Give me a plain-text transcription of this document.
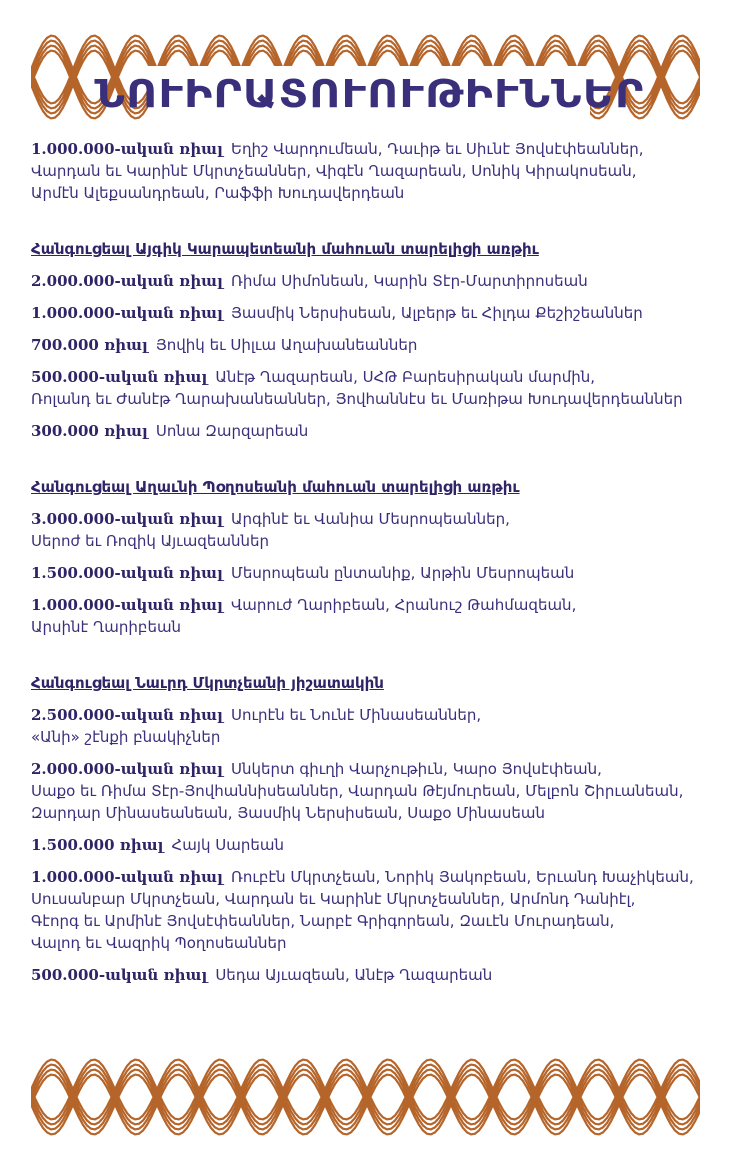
ՆՈՒԻՐԱՏՈՒՈՒԹԻՒՆՆԵՐ
1.000.000-ական ռիալ Եղիշ Վարդումեան, Դաւիթ եւ Սիւնէ Յովսէփեաններ,
Վարդան եւ Կարինէ Մկրտչեաններ, Վիգէն Ղազարեան, Սոնիկ Կիրակոսեան,
Արմէն Ալեքսանդրեան, Րաֆֆի Խուդավերդեան
Հանգուցեալ Այգիկ Կարապետեանի մահուան տարելիցի առթիւ
2.000.000-ական ռիալ Ռիմա Սիմոնեան, Կարին Տէր-Մարտիրոսեան
1.000.000-ական ռիալ Յասմիկ Ներսիսեան, Ալբերթ եւ Հիլդա Քեշիշեաններ
700.000 ռիալ Յովիկ եւ Սիլւա Աղախանեաններ
500.000-ական ռիալ Անէթ Ղազարեան, ՍՀԹ Բարեսիրական մարմին,
Ռոլանդ եւ Ժանէթ Ղարախանեաններ, Յովհաննէս եւ Մառիթա Խուդավերդեաններ
300.000 ռիալ Սոնա Զարզարեան
Հանգուցեալ Աղաւնի Պօղոսեանի մահուան տարելիցի առթիւ
3.000.000-ական ռիալ Արգինէ եւ Վանիա Մեսրոպեաններ,
Սերոժ եւ Ռոզիկ Այւազեաններ
1.500.000-ական ռիալ Մեսրոպեան ընտանիք, Արթին Մեսրոպեան
1.000.000-ական ռիալ Վարուժ Ղարիբեան, Հրանուշ Թահմազեան,
Արսինէ Ղարիբեան
Հանգուցեալ Նաւրդ Մկրտչեանի յիշատակին
2.500.000-ական ռիալ Սուրէն եւ Նունէ Մինասեաններ,
«Անի» շէնքի բնակիչներ
2.000.000-ական ռիալ Սնկերտ գիւղի Վարչութիւն, Կարօ Յովսէփեան,
Սաքօ եւ Ռիմա Տէր-Յովհաննիսեաններ, Վարդան Թէյմուրեան, Մելբոն Շիրւանեան,
Զարդար Մինասեանեան, Յասմիկ Ներսիսեան, Սաքօ Մինասեան
1.500.000 ռիալ Հայկ Սարեան
1.000.000-ական ռիալ Ռուբէն Մկրտչեան, Նորիկ Յակոբեան, Երւանդ Խաչիկեան,
Սուսանբար Մկրտչեան, Վարդան եւ Կարինէ Մկրտչեաններ, Արմոնդ Դանիէլ,
Գէորգ եւ Արմինէ Յովսէփեաններ, Նարբէ Գրիգորեան, Զաւէն Մուրադեան,
Վալոդ եւ Վազրիկ Պօղոսեաններ
500.000-ական ռիալ Սեդա Այւազեան, Անէթ Ղազարեան
